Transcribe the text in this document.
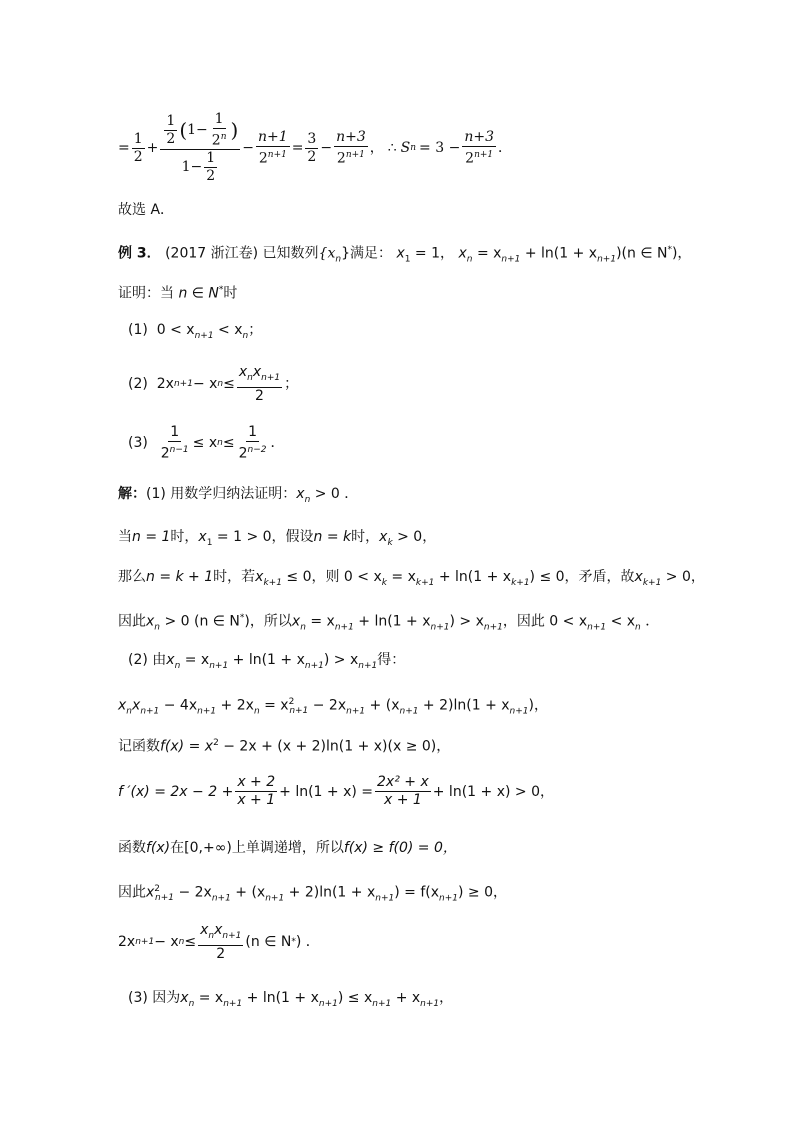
= $\frac{1}{2} + \frac{\frac{1}{2} ( 1- \frac{1}{2^n} )}{1- \frac{1}{2}} - \frac{n+1}{2^{n+1}} = \frac{3}{2} - \frac{n+3}{2^{n+1}}$ ， ∴ S $n = 3 - \frac{n+3}{2^{n+1}}$ ．
故选 A．
例 3． (2017 浙江卷) 已知数列$\{x_n\}$满足： $x_1 = 1$， $x_n = x_{n+1} + \ln(1 + x_{n+1})(n$ ∈ N*)，
证明：当 n ∈ N*时
(1) $0 < x_{n+1} < x_n$；
(2)
2x n+1 − x $n \le \frac{x_nx_{n+1}}{2}$ ；
(3)
$\frac{1}{2^{n-1}} \le x$ $n \le \frac{1}{2^{n-2}}$ ．
解：(1) 用数学归纳法证明：$x_n > 0$ ．
当n = 1时，$x_1 = 1 > 0$，假设n = k时，$x_k > 0$，
那么n = k + 1时，若$x_{k+1} \le 0$，则 $0 < x_k = x_{k+1} + \ln(1 + x_{k+1}) \le 0$，矛盾，故$x_{k+1} > 0$，
因此$x_n > 0$ (n ∈ N*)，所以$x_n = x_{n+1} + \ln(1 + x_{n+1}) > x_{n+1}$，因此 $0 < x_{n+1} < x_n$ ．
(2) 由$x_n = x_{n+1} + \ln(1 + x_{n+1}) > x_{n+1}$得：
$x_nx_{n+1} - 4x_{n+1} + 2x_n = x^2_{n+1} - 2x_{n+1} + (x_{n+1} + 2)\ln(1 + x_{n+1})$，
记函数$f(x) = x^2 - 2x + (x + 2)\ln(1 + x)(x \ge 0)$，
f $'(x) = 2x - 2 + \frac{x + 2}{x + 1} + \ln(1 + x) = \frac{\text{2x² + x}}{x + 1} + \ln(1 + x) > 0$，
函数f(x)在[0,+∞)上单调递增，所以f(x) ≥ f(0) = 0，
因此$x^2_{n+1} - 2x_{n+1} + (x_{n+1} + 2)\ln(1 + x_{n+1}) = f(x_{n+1}) \ge 0$，
2x n+1 − x $n \le \frac{x_nx_{n+1}}{2} (n$ ∈ N * ) ．
(3) 因为$x_n = x_{n+1} + \ln(1 + x_{n+1}) \le x_{n+1} + x_{n+1}$，
